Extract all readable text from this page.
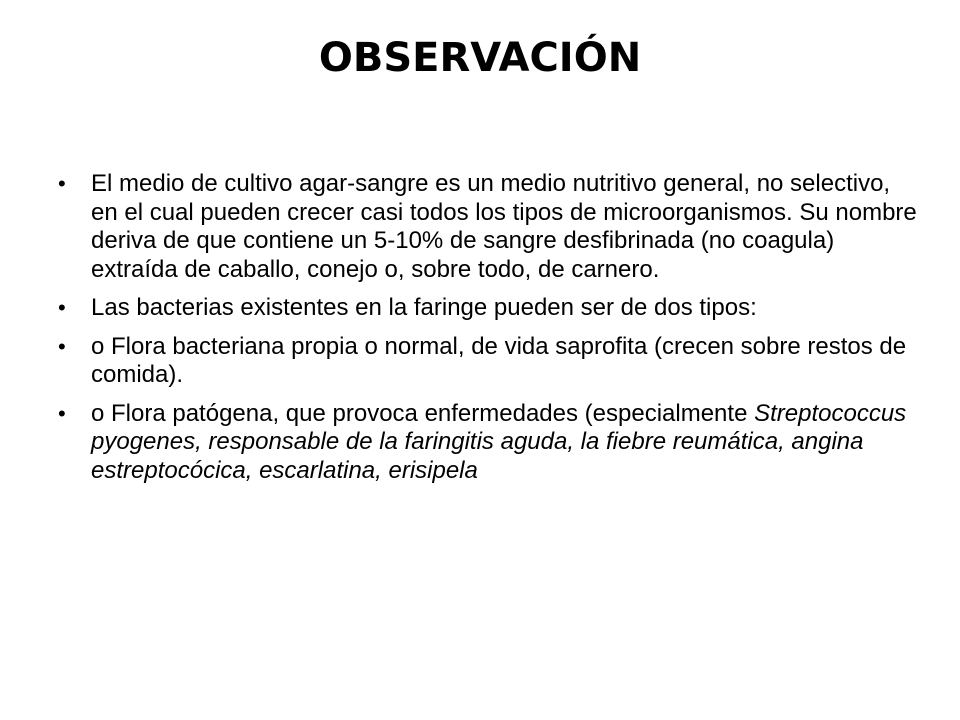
OBSERVACIÓN
•	El medio de cultivo agar-sangre es un medio nutritivo general, no selectivo, en el cual pueden crecer casi todos los tipos de microorganismos. Su nombre deriva de que contiene un 5-10% de sangre desfibrinada (no coagula) extraída de caballo, conejo o, sobre todo, de carnero.
•	Las bacterias existentes en la faringe pueden ser de dos tipos:
•	o Flora bacteriana propia o normal, de vida saprofita (crecen sobre restos de comida).
•	o Flora patógena, que provoca enfermedades (especialmente Streptococcus pyogenes, responsable de la faringitis aguda, la fiebre reumática, angina estreptocócica, escarlatina, erisipela
